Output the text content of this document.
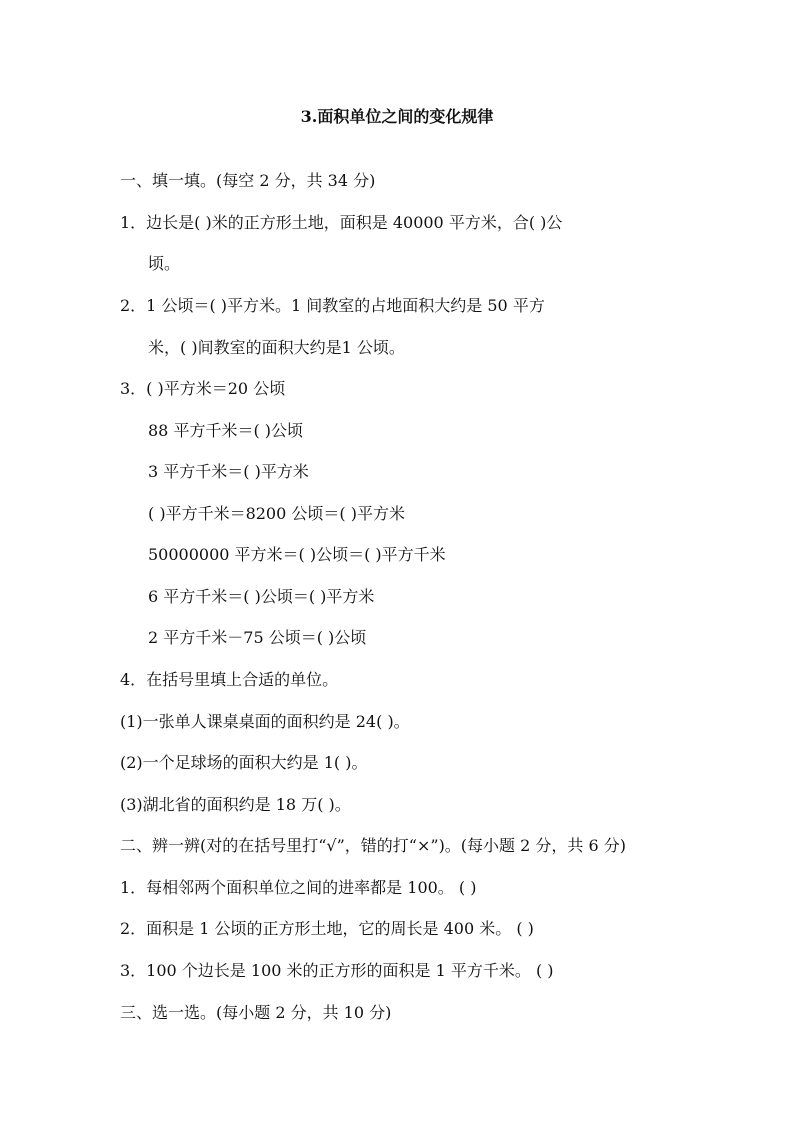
3.面积单位之间的变化规律
一、填一填。(每空 2 分，共 34 分)
1．边长是( )米的正方形土地，面积是 40000 平方米，合( )公
顷。
2．1 公顷＝( )平方米。1 间教室的占地面积大约是 50 平方
米，( )间教室的面积大约是1 公顷。
3．( )平方米＝20 公顷
88 平方千米＝( )公顷
3 平方千米＝( )平方米
( )平方千米＝8200 公顷＝( )平方米
50000000 平方米＝( )公顷＝( )平方千米
6 平方千米＝( )公顷＝( )平方米
2 平方千米－75 公顷＝( )公顷
4．在括号里填上合适的单位。
(1)一张单人课桌桌面的面积约是 24( )。
(2)一个足球场的面积大约是 1( )。
(3)湖北省的面积约是 18 万( )。
二、辨一辨(对的在括号里打“√”，错的打“×”)。(每小题 2 分，共 6 分)
1．每相邻两个面积单位之间的进率都是 100。 ( )
2．面积是 1 公顷的正方形土地，它的周长是 400 米。 ( )
3．100 个边长是 100 米的正方形的面积是 1 平方千米。 ( )
三、选一选。(每小题 2 分，共 10 分)
